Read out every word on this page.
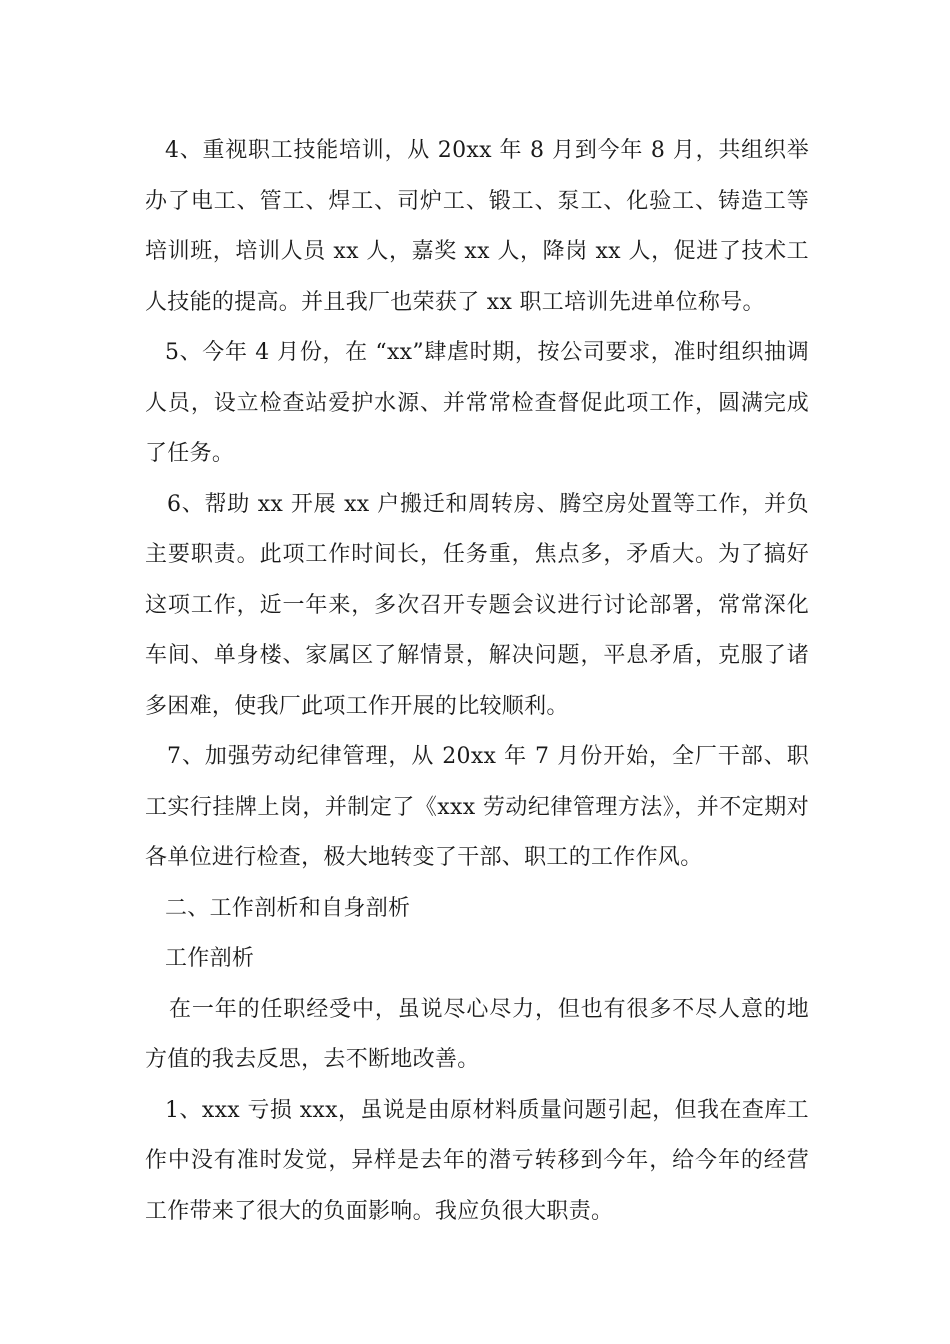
4、重视职工技能培训，从 20xx 年 8 月到今年 8 月，共组织举办了电工、管工、焊工、司炉工、锻工、泵工、化验工、铸造工等培训班，培训人员 xx 人，嘉奖 xx 人，降岗 xx 人，促进了技术工人技能的提高。并且我厂也荣获了 xx 职工培训先进单位称号。

5、今年 4 月份，在 “xx”肆虐时期，按公司要求，准时组织抽调人员，设立检查站爱护水源、并常常检查督促此项工作，圆满完成了任务。

6、帮助 xx 开展 xx 户搬迁和周转房、腾空房处置等工作，并负主要职责。此项工作时间长，任务重，焦点多，矛盾大。为了搞好这项工作，近一年来，多次召开专题会议进行讨论部署，常常深化车间、单身楼、家属区了解情景，解决问题，平息矛盾，克服了诸多困难，使我厂此项工作开展的比较顺利。

7、加强劳动纪律管理，从 20xx 年 7 月份开始，全厂干部、职工实行挂牌上岗，并制定了《xxx 劳动纪律管理方法》，并不定期对各单位进行检查，极大地转变了干部、职工的工作作风。

二、工作剖析和自身剖析

工作剖析

在一年的任职经受中，虽说尽心尽力，但也有很多不尽人意的地方值的我去反思，去不断地改善。

1、xxx 亏损 xxx，虽说是由原材料质量问题引起，但我在查库工作中没有准时发觉，异样是去年的潜亏转移到今年，给今年的经营工作带来了很大的负面影响。我应负很大职责。
